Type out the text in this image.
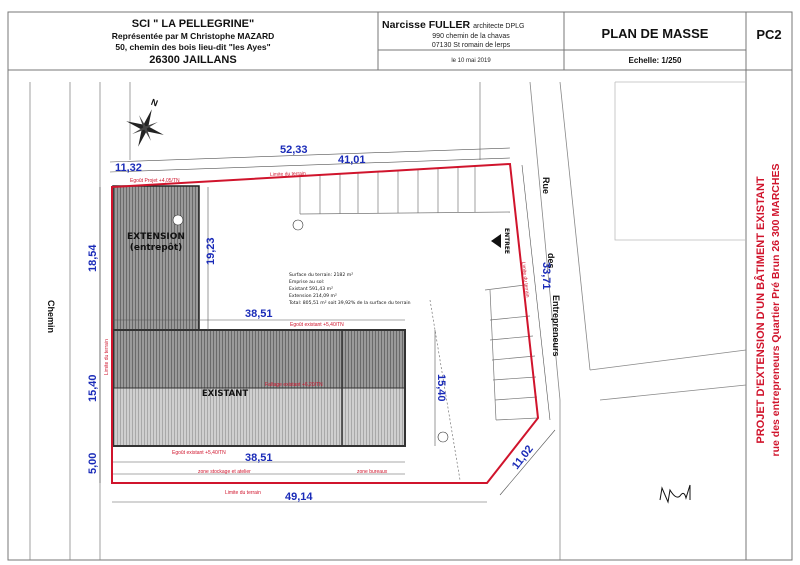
SCI " LA PELLEGRINE"
Représentée par M Christophe MAZARD
50, chemin des bois lieu-dit "les Ayes"
26300 JAILLANS
Narcisse FULLER architecte DPLG
990 chemin de la chavas
07130 St romain de lerps
le 10 mai 2019
PLAN DE MASSE
Echelle: 1/250
PC2
PROJET D'EXTENSION D'UN BÂTIMENT EXISTANT rue des entrepreneurs Quartier Pré Brun 26 300 MARCHES
Chemin
Rue
des
Entrepreneurs
N
EXTENSION
(entrepôt)
EXISTANT
52,33
41,01
11,32
18,54
15,40
5,00
19,23
38,51
38,51
15,40
33,71
11,02
49,14
Limite du terrain
Limite du terrain
Limite du terrain
Limite du terrain
Egoût Projet +4,05/TN
Egoût existant +5,40/TN
Faîtage existant +6,20/TN
Egoût existant +5,40/TN
zone stockage et atelier	zone bureaux
Surface du terrain: 2182 m²
Emprise au sol:
Existant 591,43 m²
Extension 214,09 m²
Total: 805,51 m² soit 39,92% de la surface du terrain
ENTREE
